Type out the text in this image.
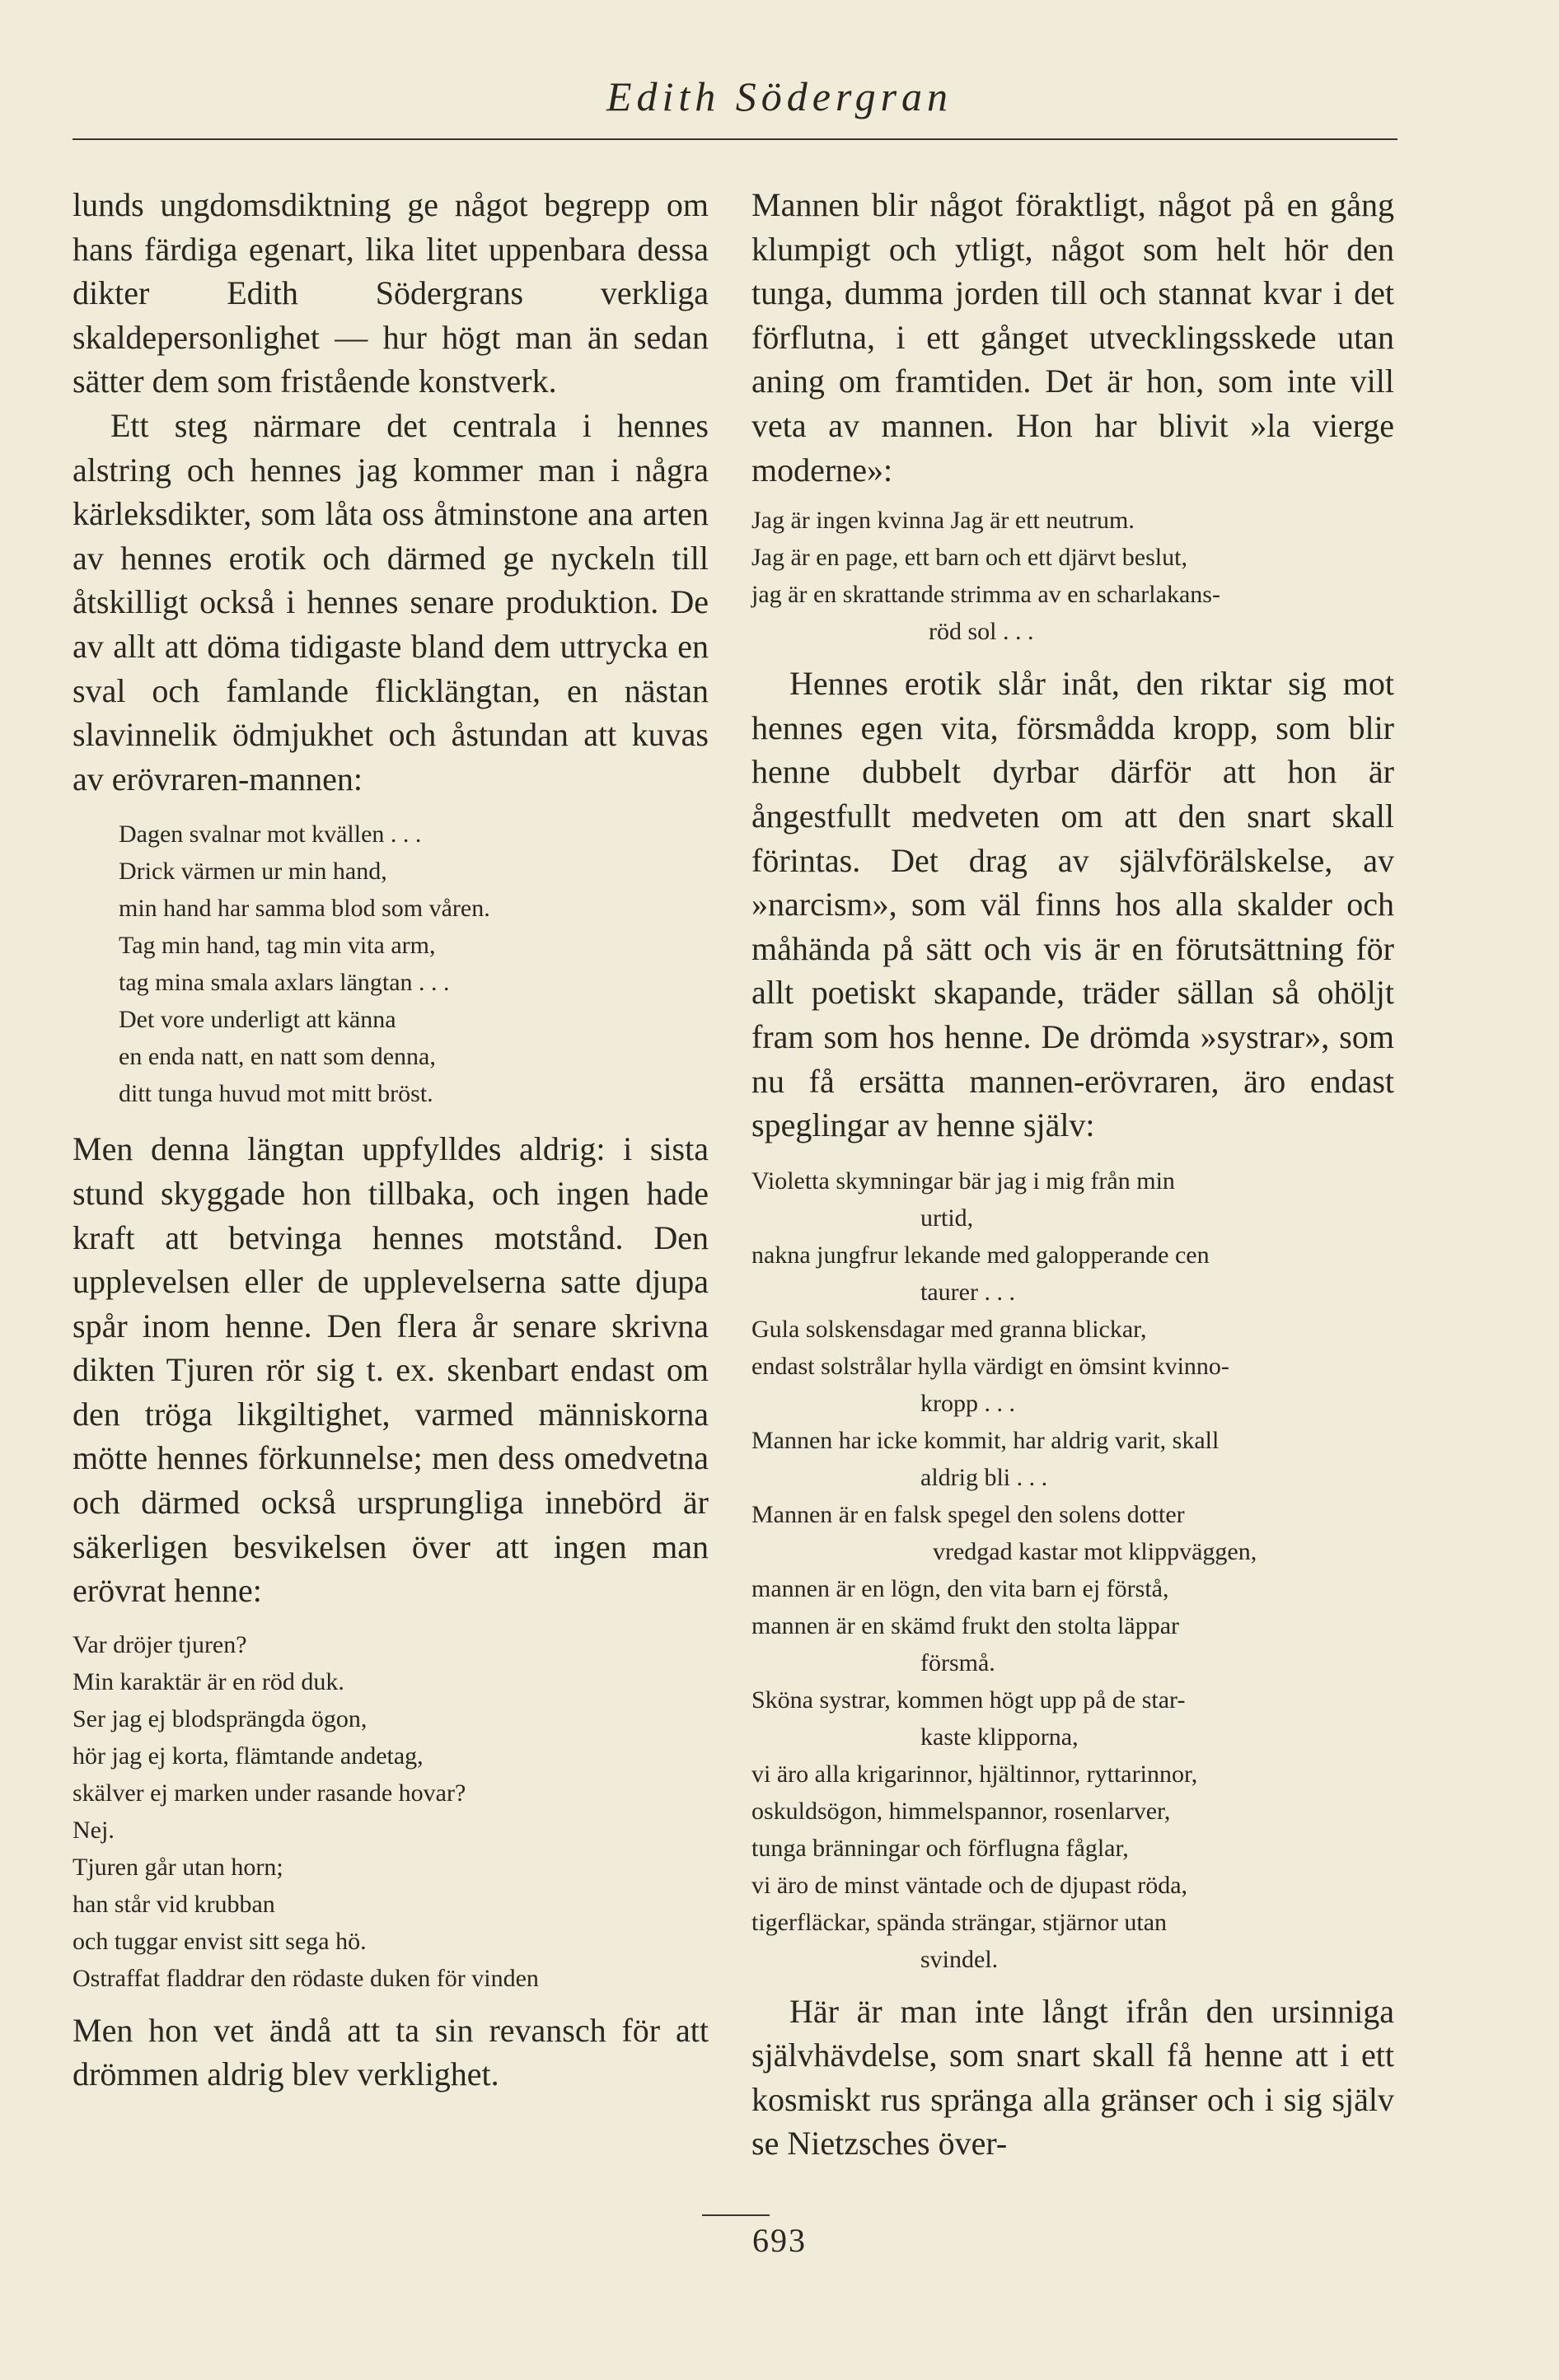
Edith Södergran

lunds ungdomsdiktning ge något begrepp om hans färdiga egenart, lika litet uppenbara dessa dikter Edith Södergrans verkliga skaldepersonlighet — hur högt man än sedan sätter dem som fristående konstverk.

Ett steg närmare det centrala i hennes alstring och hennes jag kommer man i några kärleksdikter, som låta oss åtminstone ana arten av hennes erotik och därmed ge nyckeln till åtskilligt också i hennes senare produktion. De av allt att döma tidigaste bland dem uttrycka en sval och famlande flicklängtan, en nästan slavinnelik ödmjukhet och åstundan att kuvas av erövraren-mannen:

Dagen svalnar mot kvällen . . .
Drick värmen ur min hand,
min hand har samma blod som våren.
Tag min hand, tag min vita arm,
tag mina smala axlars längtan . . .
Det vore underligt att känna
en enda natt, en natt som denna,
ditt tunga huvud mot mitt bröst.

Men denna längtan uppfylldes aldrig: i sista stund skyggade hon tillbaka, och ingen hade kraft att betvinga hennes motstånd. Den upplevelsen eller de upplevelserna satte djupa spår inom henne. Den flera år senare skrivna dikten Tjuren rör sig t. ex. skenbart endast om den tröga likgiltighet, varmed människorna mötte hennes förkunnelse; men dess omedvetna och därmed också ursprungliga innebörd är säkerligen besvikelsen över att ingen man erövrat henne:

Var dröjer tjuren?
Min karaktär är en röd duk.
Ser jag ej blodsprängda ögon,
hör jag ej korta, flämtande andetag,
skälver ej marken under rasande hovar?
Nej.
Tjuren går utan horn;
han står vid krubban
och tuggar envist sitt sega hö.
Ostraffat fladdrar den rödaste duken för vinden

Men hon vet ändå att ta sin revansch för att drömmen aldrig blev verklighet.

Mannen blir något föraktligt, något på en gång klumpigt och ytligt, något som helt hör den tunga, dumma jorden till och stannat kvar i det förflutna, i ett gånget utvecklingsskede utan aning om framtiden. Det är hon, som inte vill veta av mannen. Hon har blivit »la vierge moderne»:

Jag är ingen kvinna Jag är ett neutrum.
Jag är en page, ett barn och ett djärvt beslut,
jag är en skrattande strimma av en scharlakans-
röd sol . . .

Hennes erotik slår inåt, den riktar sig mot hennes egen vita, försmådda kropp, som blir henne dubbelt dyrbar därför att hon är ångestfullt medveten om att den snart skall förintas. Det drag av självförälskelse, av »narcism», som väl finns hos alla skalder och måhända på sätt och vis är en förutsättning för allt poetiskt skapande, träder sällan så ohöljt fram som hos henne. De drömda »systrar», som nu få ersätta mannen-erövraren, äro endast speglingar av henne själv:

Violetta skymningar bär jag i mig från min
urtid,
nakna jungfrur lekande med galopperande cen
taurer . . .
Gula solskensdagar med granna blickar,
endast solstrålar hylla värdigt en ömsint kvinno-
kropp . . .
Mannen har icke kommit, har aldrig varit, skall
aldrig bli . . .
Mannen är en falsk spegel den solens dotter
vredgad kastar mot klippväggen,
mannen är en lögn, den vita barn ej förstå,
mannen är en skämd frukt den stolta läppar
försmå.
Sköna systrar, kommen högt upp på de star-
kaste klipporna,
vi äro alla krigarinnor, hjältinnor, ryttarinnor,
oskuldsögon, himmelspannor, rosenlarver,
tunga bränningar och förflugna fåglar,
vi äro de minst väntade och de djupast röda,
tigerfläckar, spända strängar, stjärnor utan
svindel.

Här är man inte långt ifrån den ursinniga självhävdelse, som snart skall få henne att i ett kosmiskt rus spränga alla gränser och i sig själv se Nietzsches över-

693
